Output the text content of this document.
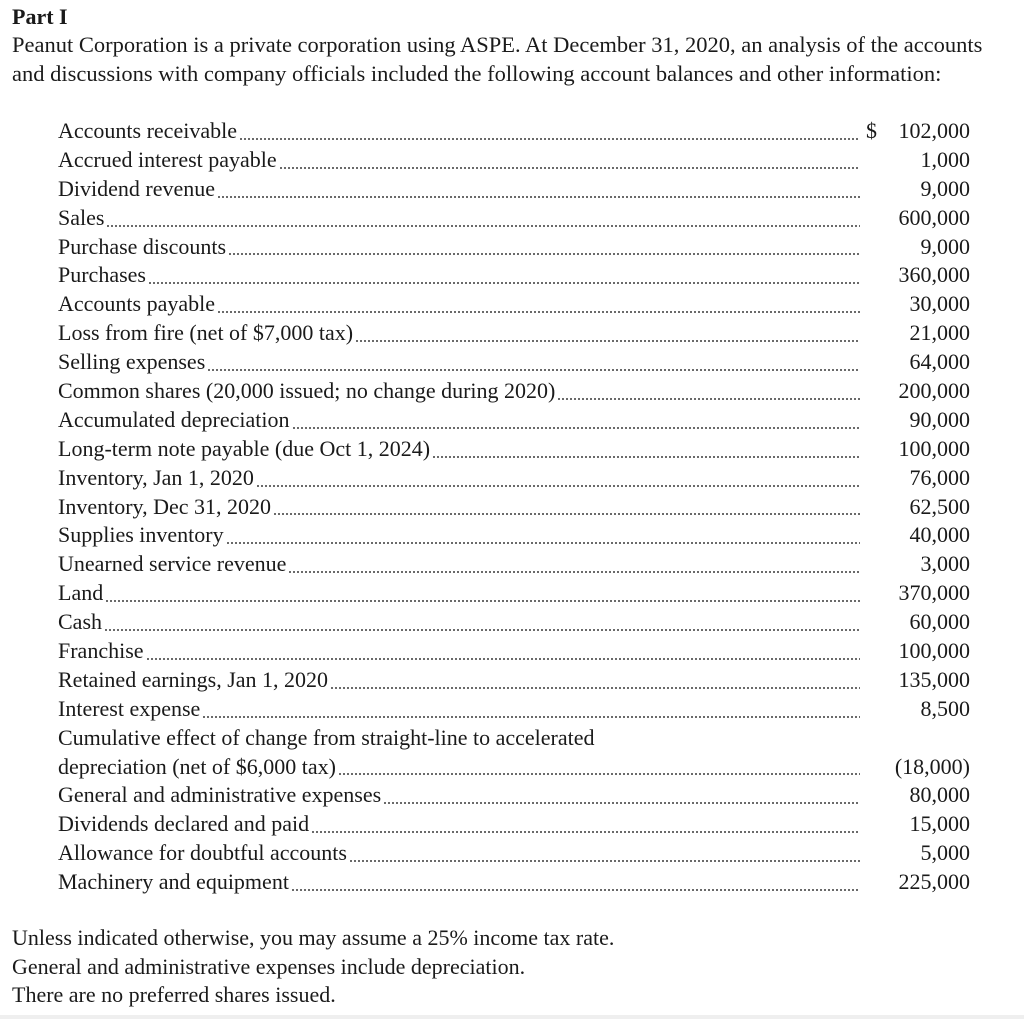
Part I

Peanut Corporation is a private corporation using ASPE. At December 31, 2020, an analysis of the accounts and discussions with company officials included the following account balances and other information:

Accounts receivable	$ 102,000
Accrued interest payable	1,000
Dividend revenue	9,000
Sales	600,000
Purchase discounts	9,000
Purchases	360,000
Accounts payable	30,000
Loss from fire (net of $7,000 tax)	21,000
Selling expenses	64,000
Common shares (20,000 issued; no change during 2020)	200,000
Accumulated depreciation	90,000
Long-term note payable (due Oct 1, 2024)	100,000
Inventory, Jan 1, 2020	76,000
Inventory, Dec 31, 2020	62,500
Supplies inventory	40,000
Unearned service revenue	3,000
Land	370,000
Cash	60,000
Franchise	100,000
Retained earnings, Jan 1, 2020	135,000
Interest expense	8,500
Cumulative effect of change from straight-line to accelerated
depreciation (net of $6,000 tax)	(18,000)
General and administrative expenses	80,000
Dividends declared and paid	15,000
Allowance for doubtful accounts	5,000
Machinery and equipment	225,000
Unless indicated otherwise, you may assume a 25% income tax rate.
General and administrative expenses include depreciation.
There are no preferred shares issued.
